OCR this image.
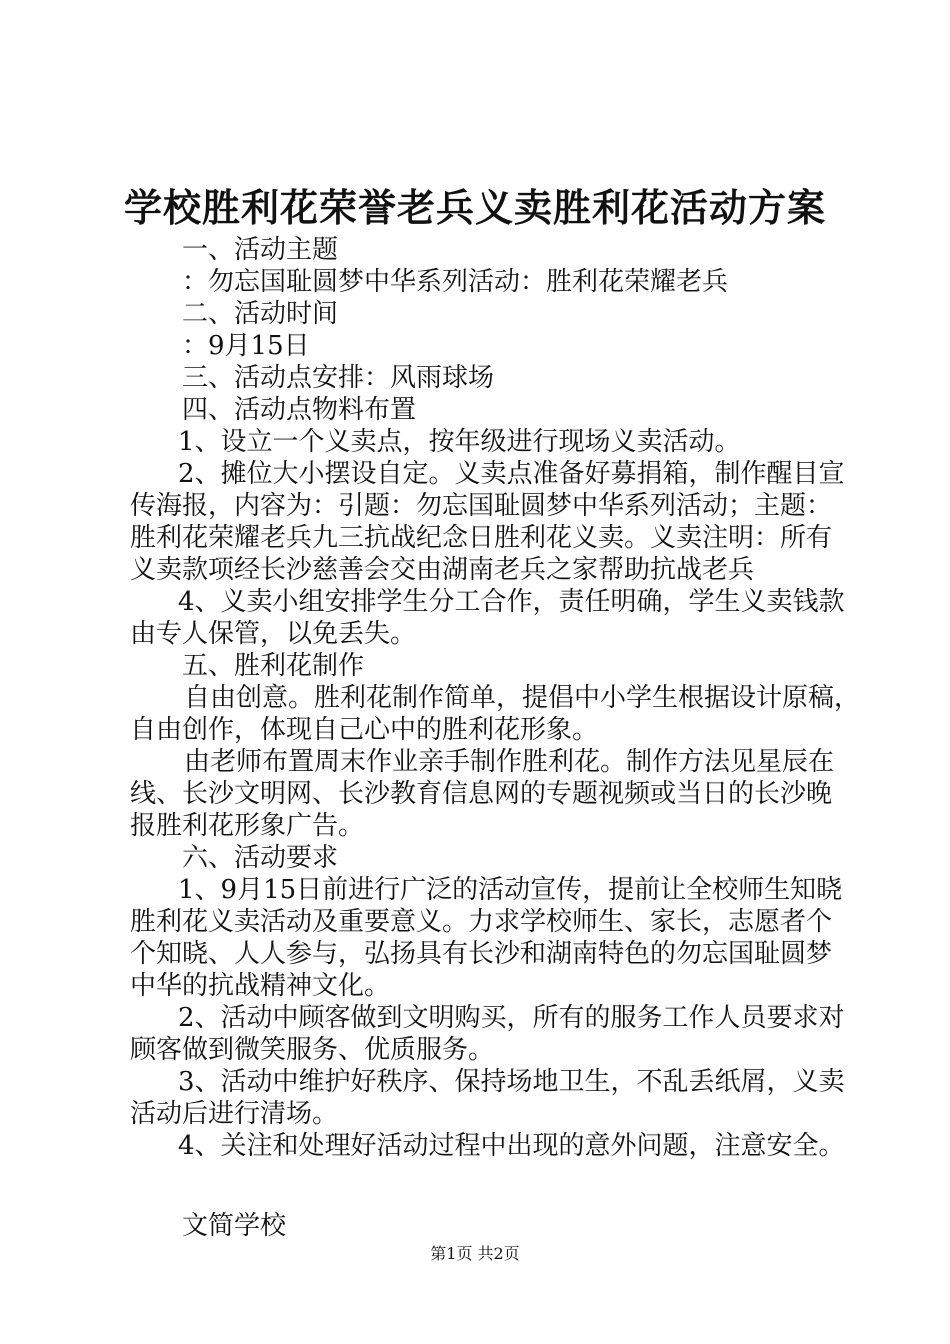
学校胜利花荣誉老兵义卖胜利花活动方案
一、活动主题
：勿忘国耻圆梦中华系列活动：胜利花荣耀老兵
二、活动时间
：9月15日
三、活动点安排：风雨球场
四、活动点物料布置
1、设立一个义卖点，按年级进行现场义卖活动。
2、摊位大小摆设自定。义卖点准备好募捐箱，制作醒目宣
传海报，内容为：引题：勿忘国耻圆梦中华系列活动；主题：
胜利花荣耀老兵九三抗战纪念日胜利花义卖。义卖注明：所有
义卖款项经长沙慈善会交由湖南老兵之家帮助抗战老兵
4、义卖小组安排学生分工合作，责任明确，学生义卖钱款
由专人保管，以免丢失。
五、胜利花制作
自由创意。胜利花制作简单，提倡中小学生根据设计原稿，
自由创作，体现自己心中的胜利花形象。
由老师布置周末作业亲手制作胜利花。制作方法见星辰在
线、长沙文明网、长沙教育信息网的专题视频或当日的长沙晚
报胜利花形象广告。
六、活动要求
1、9月15日前进行广泛的活动宣传，提前让全校师生知晓
胜利花义卖活动及重要意义。力求学校师生、家长，志愿者个
个知晓、人人参与，弘扬具有长沙和湖南特色的勿忘国耻圆梦
中华的抗战精神文化。
2、活动中顾客做到文明购买，所有的服务工作人员要求对
顾客做到微笑服务、优质服务。
3、活动中维护好秩序、保持场地卫生，不乱丢纸屑，义卖
活动后进行清场。
4、关注和处理好活动过程中出现的意外问题，注意安全。
文简学校
第1页 共2页
